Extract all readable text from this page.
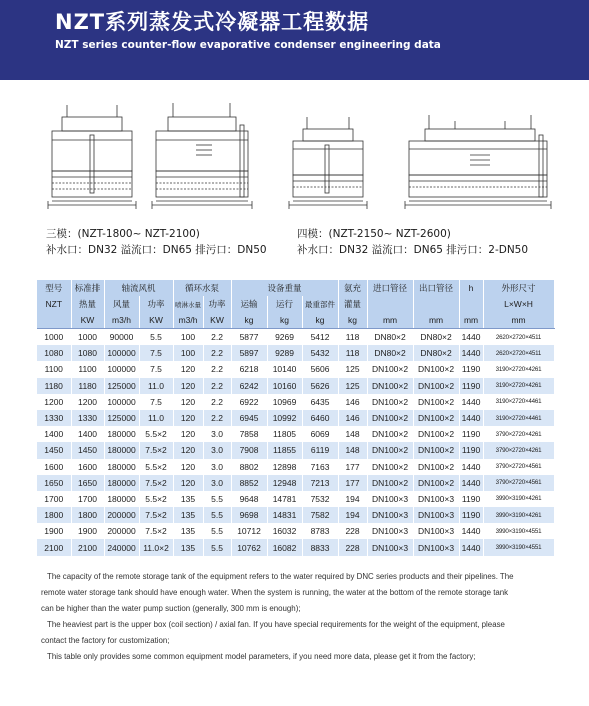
NZT系列蒸发式冷凝器工程数据
NZT series counter-flow evaporative condenser engineering data
三模：(NZT-1800~ NZT-2100)
补水口：DN32 溢流口：DN65 排污口：DN50
四模：(NZT-2150~ NZT-2600)
补水口：DN32 溢流口：DN65 排污口：2-DN50
型号	标准排	轴流风机		循环水泵		设备重量			氨充	进口管径	出口管径	h	外形尺寸
NZT	热量	风量	功率	喷淋水量	功率	运输	运行	最重部件	灌量				L×W×H
	KW	m3/h	KW	m3/h	KW	kg	kg	kg	kg	mm	mm	mm	mm
1000	1000	90000	5.5	100	2.2	5877	9269	5412	118	DN80×2	DN80×2	1440	2620×2720×4511
1080	1080	100000	7.5	100	2.2	5897	9289	5432	118	DN80×2	DN80×2	1440	2620×2720×4511
1100	1100	100000	7.5	120	2.2	6218	10140	5606	125	DN100×2	DN100×2	1190	3190×2720×4261
1180	1180	125000	11.0	120	2.2	6242	10160	5626	125	DN100×2	DN100×2	1190	3190×2720×4261
1200	1200	100000	7.5	120	2.2	6922	10969	6435	146	DN100×2	DN100×2	1440	3190×2720×4461
1330	1330	125000	11.0	120	2.2	6945	10992	6460	146	DN100×2	DN100×2	1440	3190×2720×4461
1400	1400	180000	5.5×2	120	3.0	7858	11805	6069	148	DN100×2	DN100×2	1190	3790×2720×4261
1450	1450	180000	7.5×2	120	3.0	7908	11855	6119	148	DN100×2	DN100×2	1190	3790×2720×4261
1600	1600	180000	5.5×2	120	3.0	8802	12898	7163	177	DN100×2	DN100×2	1440	3790×2720×4561
1650	1650	180000	7.5×2	120	3.0	8852	12948	7213	177	DN100×2	DN100×2	1440	3790×2720×4561
1700	1700	180000	5.5×2	135	5.5	9648	14781	7532	194	DN100×3	DN100×3	1190	3990×3190×4261
1800	1800	200000	7.5×2	135	5.5	9698	14831	7582	194	DN100×3	DN100×3	1190	3990×3190×4261
1900	1900	200000	7.5×2	135	5.5	10712	16032	8783	228	DN100×3	DN100×3	1440	3990×3190×4551
2100	2100	240000	11.0×2	135	5.5	10762	16082	8833	228	DN100×3	DN100×3	1440	3990×3190×4551

The capacity of the remote storage tank of the equipment refers to the water required by DNC series products and their pipelines. The

remote water storage tank should have enough water. When the system is running, the water at the bottom of the remote storage tank

can be higher than the water pump suction (generally, 300 mm is enough);

The heaviest part is the upper box (coil section) / axial fan. If you have special requirements for the weight of the equipment, please

contact the factory for customization;

This table only provides some common equipment model parameters, if you need more data, please get it from the factory;
